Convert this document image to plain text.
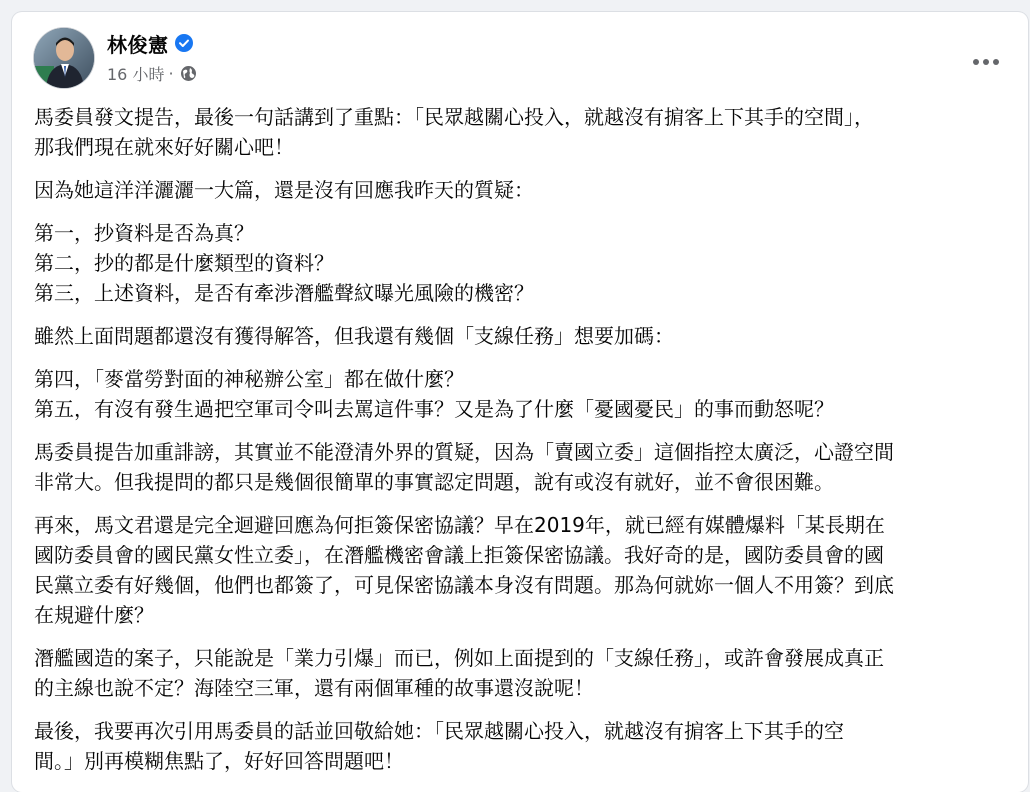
林俊憲
16 小時 ·
馬委員發文提告，最後一句話講到了重點：「民眾越關心投入，就越沒有掮客上下其手的空間」，
那我們現在就來好好關心吧！
因為她這洋洋灑灑一大篇，還是沒有回應我昨天的質疑：
第一，抄資料是否為真？
第二，抄的都是什麼類型的資料？
第三，上述資料，是否有牽涉潛艦聲紋曝光風險的機密？
雖然上面問題都還沒有獲得解答，但我還有幾個「支線任務」想要加碼：
第四，「麥當勞對面的神秘辦公室」都在做什麼？
第五，有沒有發生過把空軍司令叫去罵這件事？又是為了什麼「憂國憂民」的事而動怒呢？
馬委員提告加重誹謗，其實並不能澄清外界的質疑，因為「賣國立委」這個指控太廣泛，心證空間
非常大。但我提問的都只是幾個很簡單的事實認定問題，說有或沒有就好，並不會很困難。
再來，馬文君還是完全迴避回應為何拒簽保密協議？早在2019年，就已經有媒體爆料「某長期在
國防委員會的國民黨女性立委」，在潛艦機密會議上拒簽保密協議。我好奇的是，國防委員會的國
民黨立委有好幾個，他們也都簽了，可見保密協議本身沒有問題。那為何就妳一個人不用簽？到底
在規避什麼？
潛艦國造的案子，只能說是「業力引爆」而已，例如上面提到的「支線任務」，或許會發展成真正
的主線也說不定？海陸空三軍，還有兩個軍種的故事還沒說呢！
最後，我要再次引用馬委員的話並回敬給她：「民眾越關心投入，就越沒有掮客上下其手的空
間。」別再模糊焦點了，好好回答問題吧！
